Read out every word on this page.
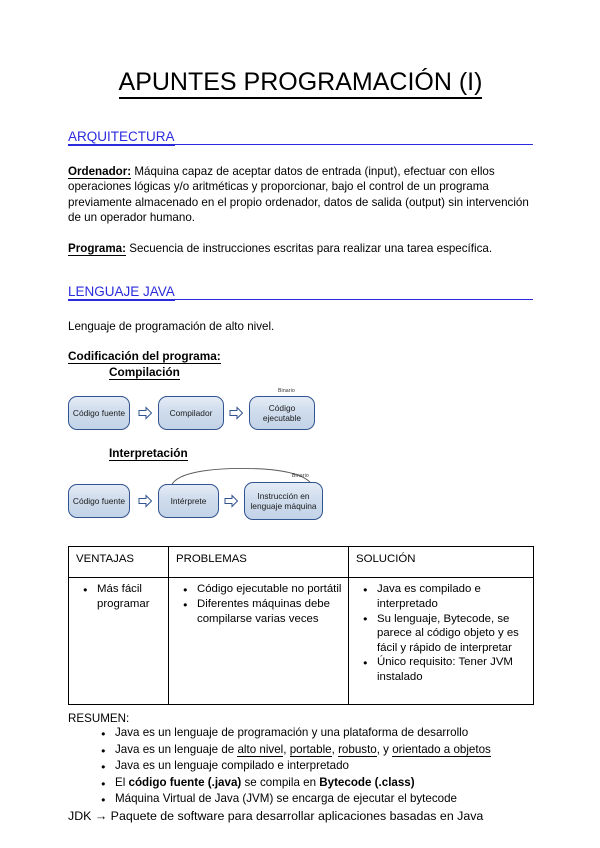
APUNTES PROGRAMACIÓN (I)
ARQUITECTURA

Ordenador: Máquina capaz de aceptar datos de entrada (input), efectuar con ellos operaciones lógicas y/o aritméticas y proporcionar, bajo el control de un programa previamente almacenado en el propio ordenador, datos de salida (output) sin intervención de un operador humano.

Programa: Secuencia de instrucciones escritas para realizar una tarea específica.

LENGUAJE JAVA

Lenguaje de programación de alto nivel.

Codificación del programa:

Compilación

Código fuente	Compilador	Código ejecutable
Binario

Interpretación

Código fuente	Intérprete	Instrucción en lenguaje máquina
Binario
VENTAJAS	PROBLEMAS	SOLUCIÓN

● Más fácil programar

● Código ejecutable no portátil
● Diferentes máquinas debe compilarse varias veces

● Java es compilado e interpretado
● Su lenguaje, Bytecode, se parece al código objeto y es fácil y rápido de interpretar
● Único requisito: Tener JVM instalado

RESUMEN:

● Java es un lenguaje de programación y una plataforma de desarrollo
● Java es un lenguaje de alto nivel, portable, robusto, y orientado a objetos
● Java es un lenguaje compilado e interpretado
● El código fuente (.java) se compila en Bytecode (.class)
● Máquina Virtual de Java (JVM) se encarga de ejecutar el bytecode

JDK → Paquete de software para desarrollar aplicaciones basadas en Java
